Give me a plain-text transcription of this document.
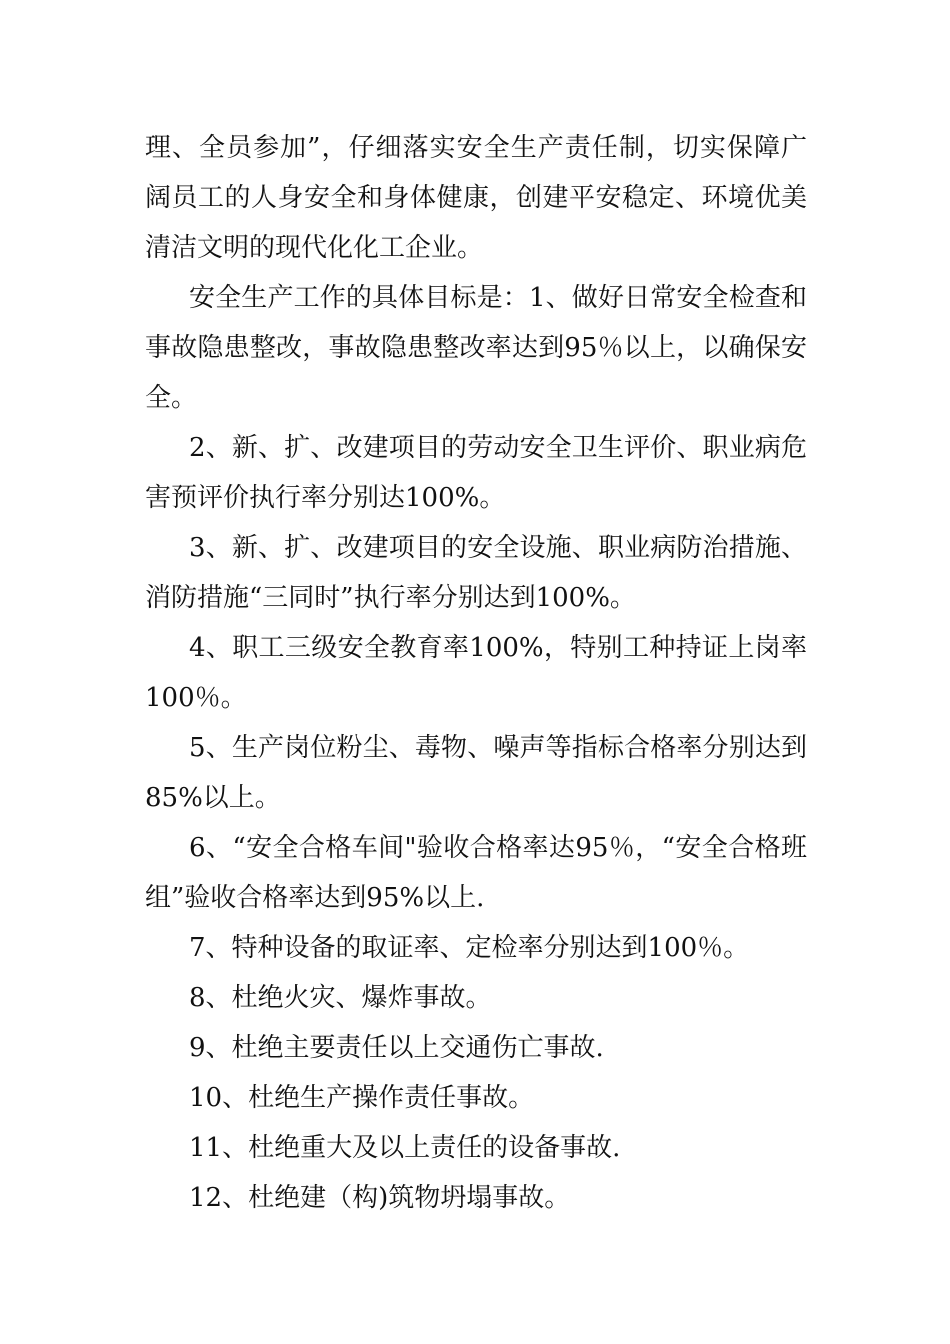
理、全员参加”，仔细落实安全生产责任制，切实保障广
阔员工的人身安全和身体健康，创建平安稳定、环境优美
清洁文明的现代化化工企业。
安全生产工作的具体目标是：1、做好日常安全检查和
事故隐患整改，事故隐患整改率达到95％以上，以确保安
全。
2、新、扩、改建项目的劳动安全卫生评价、职业病危
害预评价执行率分别达100%。
3、新、扩、改建项目的安全设施、职业病防治措施、
消防措施“三同时”执行率分别达到100%。
4、职工三级安全教育率100%，特别工种持证上岗率
100％。
5、生产岗位粉尘、毒物、噪声等指标合格率分别达到
85%以上。
6、“安全合格车间"验收合格率达95％，“安全合格班
组”验收合格率达到95%以上.
7、特种设备的取证率、定检率分别达到100％。
8、杜绝火灾、爆炸事故。
9、杜绝主要责任以上交通伤亡事故.
10、杜绝生产操作责任事故。
11、杜绝重大及以上责任的设备事故.
12、杜绝建（构)筑物坍塌事故。
